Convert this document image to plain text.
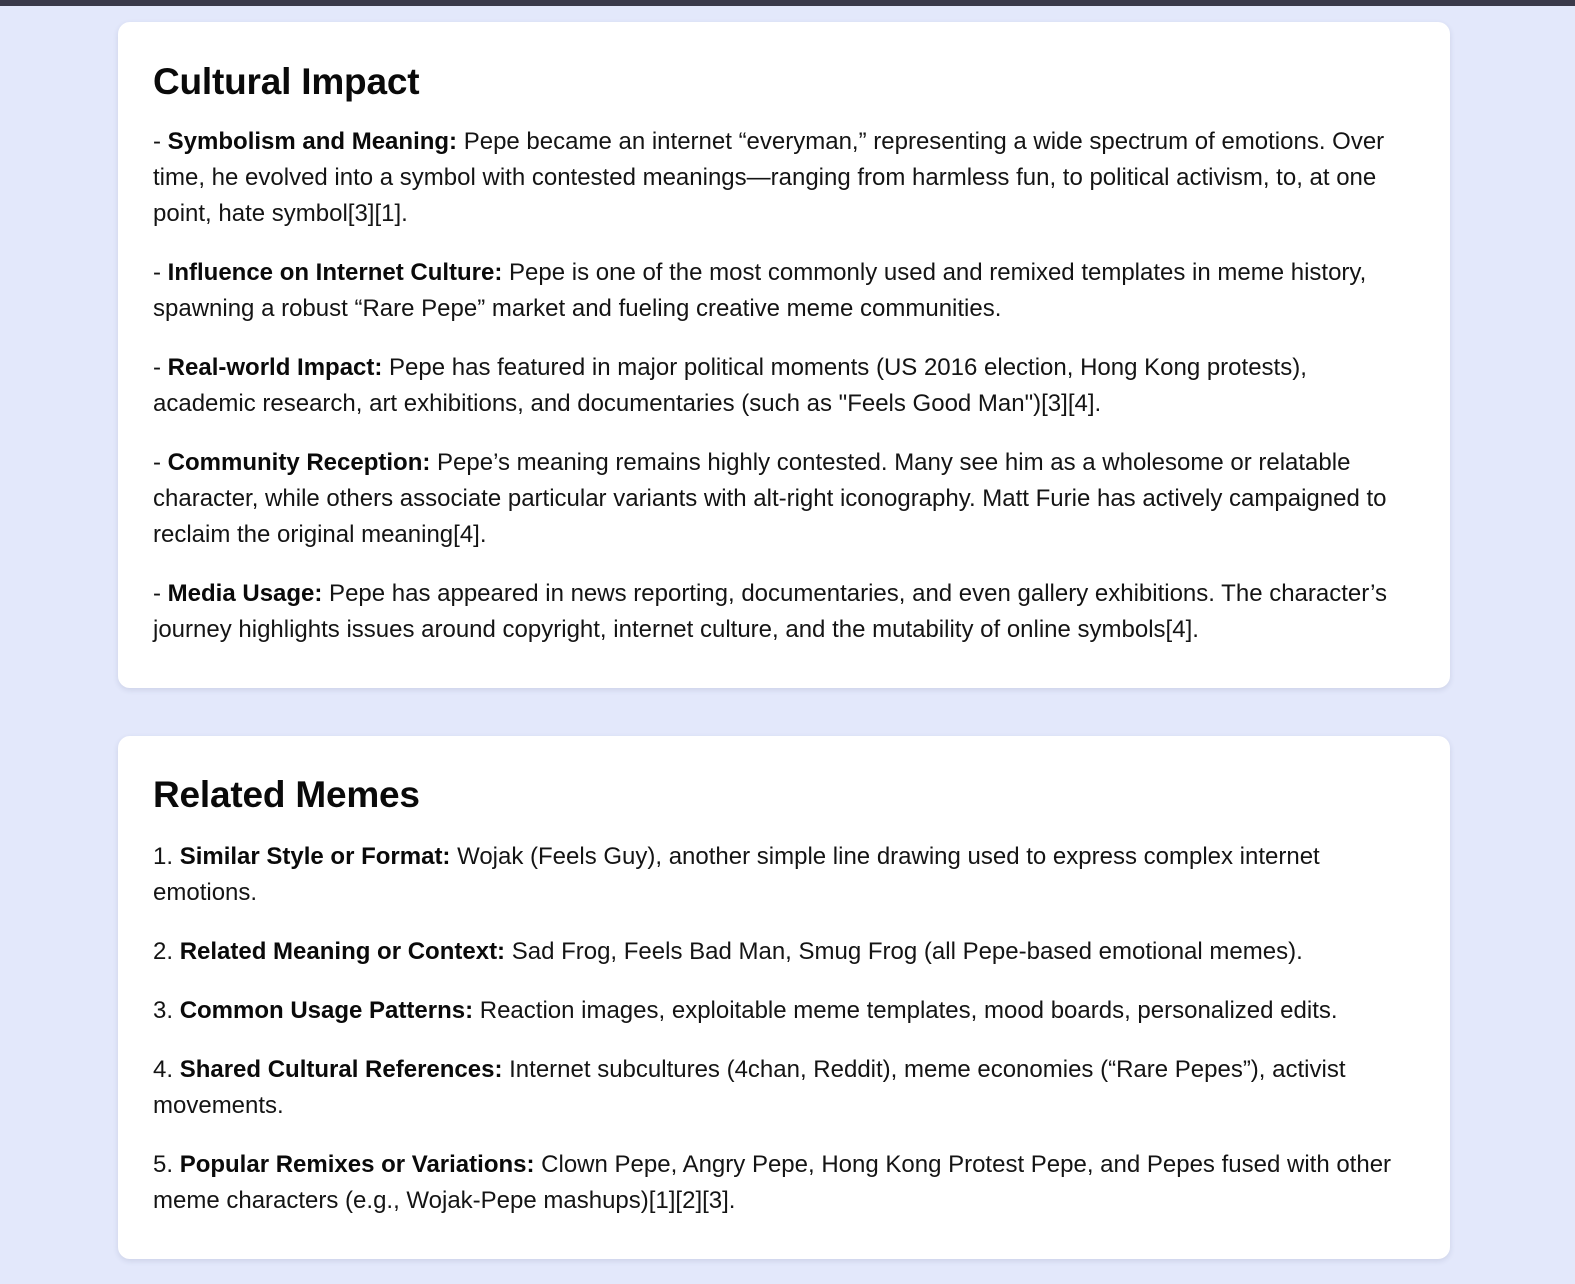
Cultural Impact

- Symbolism and Meaning: Pepe became an internet “everyman,” representing a wide spectrum of emotions. Over time, he evolved into a symbol with contested meanings—ranging from harmless fun, to political activism, to, at one point, hate symbol[3][1].

- Influence on Internet Culture: Pepe is one of the most commonly used and remixed templates in meme history, spawning a robust “Rare Pepe” market and fueling creative meme communities.

- Real-world Impact: Pepe has featured in major political moments (US 2016 election, Hong Kong protests), academic research, art exhibitions, and documentaries (such as "Feels Good Man")[3][4].

- Community Reception: Pepe’s meaning remains highly contested. Many see him as a wholesome or relatable character, while others associate particular variants with alt-right iconography. Matt Furie has actively campaigned to reclaim the original meaning[4].

- Media Usage: Pepe has appeared in news reporting, documentaries, and even gallery exhibitions. The character’s journey highlights issues around copyright, internet culture, and the mutability of online symbols[4].

Related Memes

1. Similar Style or Format: Wojak (Feels Guy), another simple line drawing used to express complex internet emotions.

2. Related Meaning or Context: Sad Frog, Feels Bad Man, Smug Frog (all Pepe-based emotional memes).

3. Common Usage Patterns: Reaction images, exploitable meme templates, mood boards, personalized edits.

4. Shared Cultural References: Internet subcultures (4chan, Reddit), meme economies (“Rare Pepes”), activist movements.

5. Popular Remixes or Variations: Clown Pepe, Angry Pepe, Hong Kong Protest Pepe, and Pepes fused with other meme characters (e.g., Wojak-Pepe mashups)[1][2][3].
